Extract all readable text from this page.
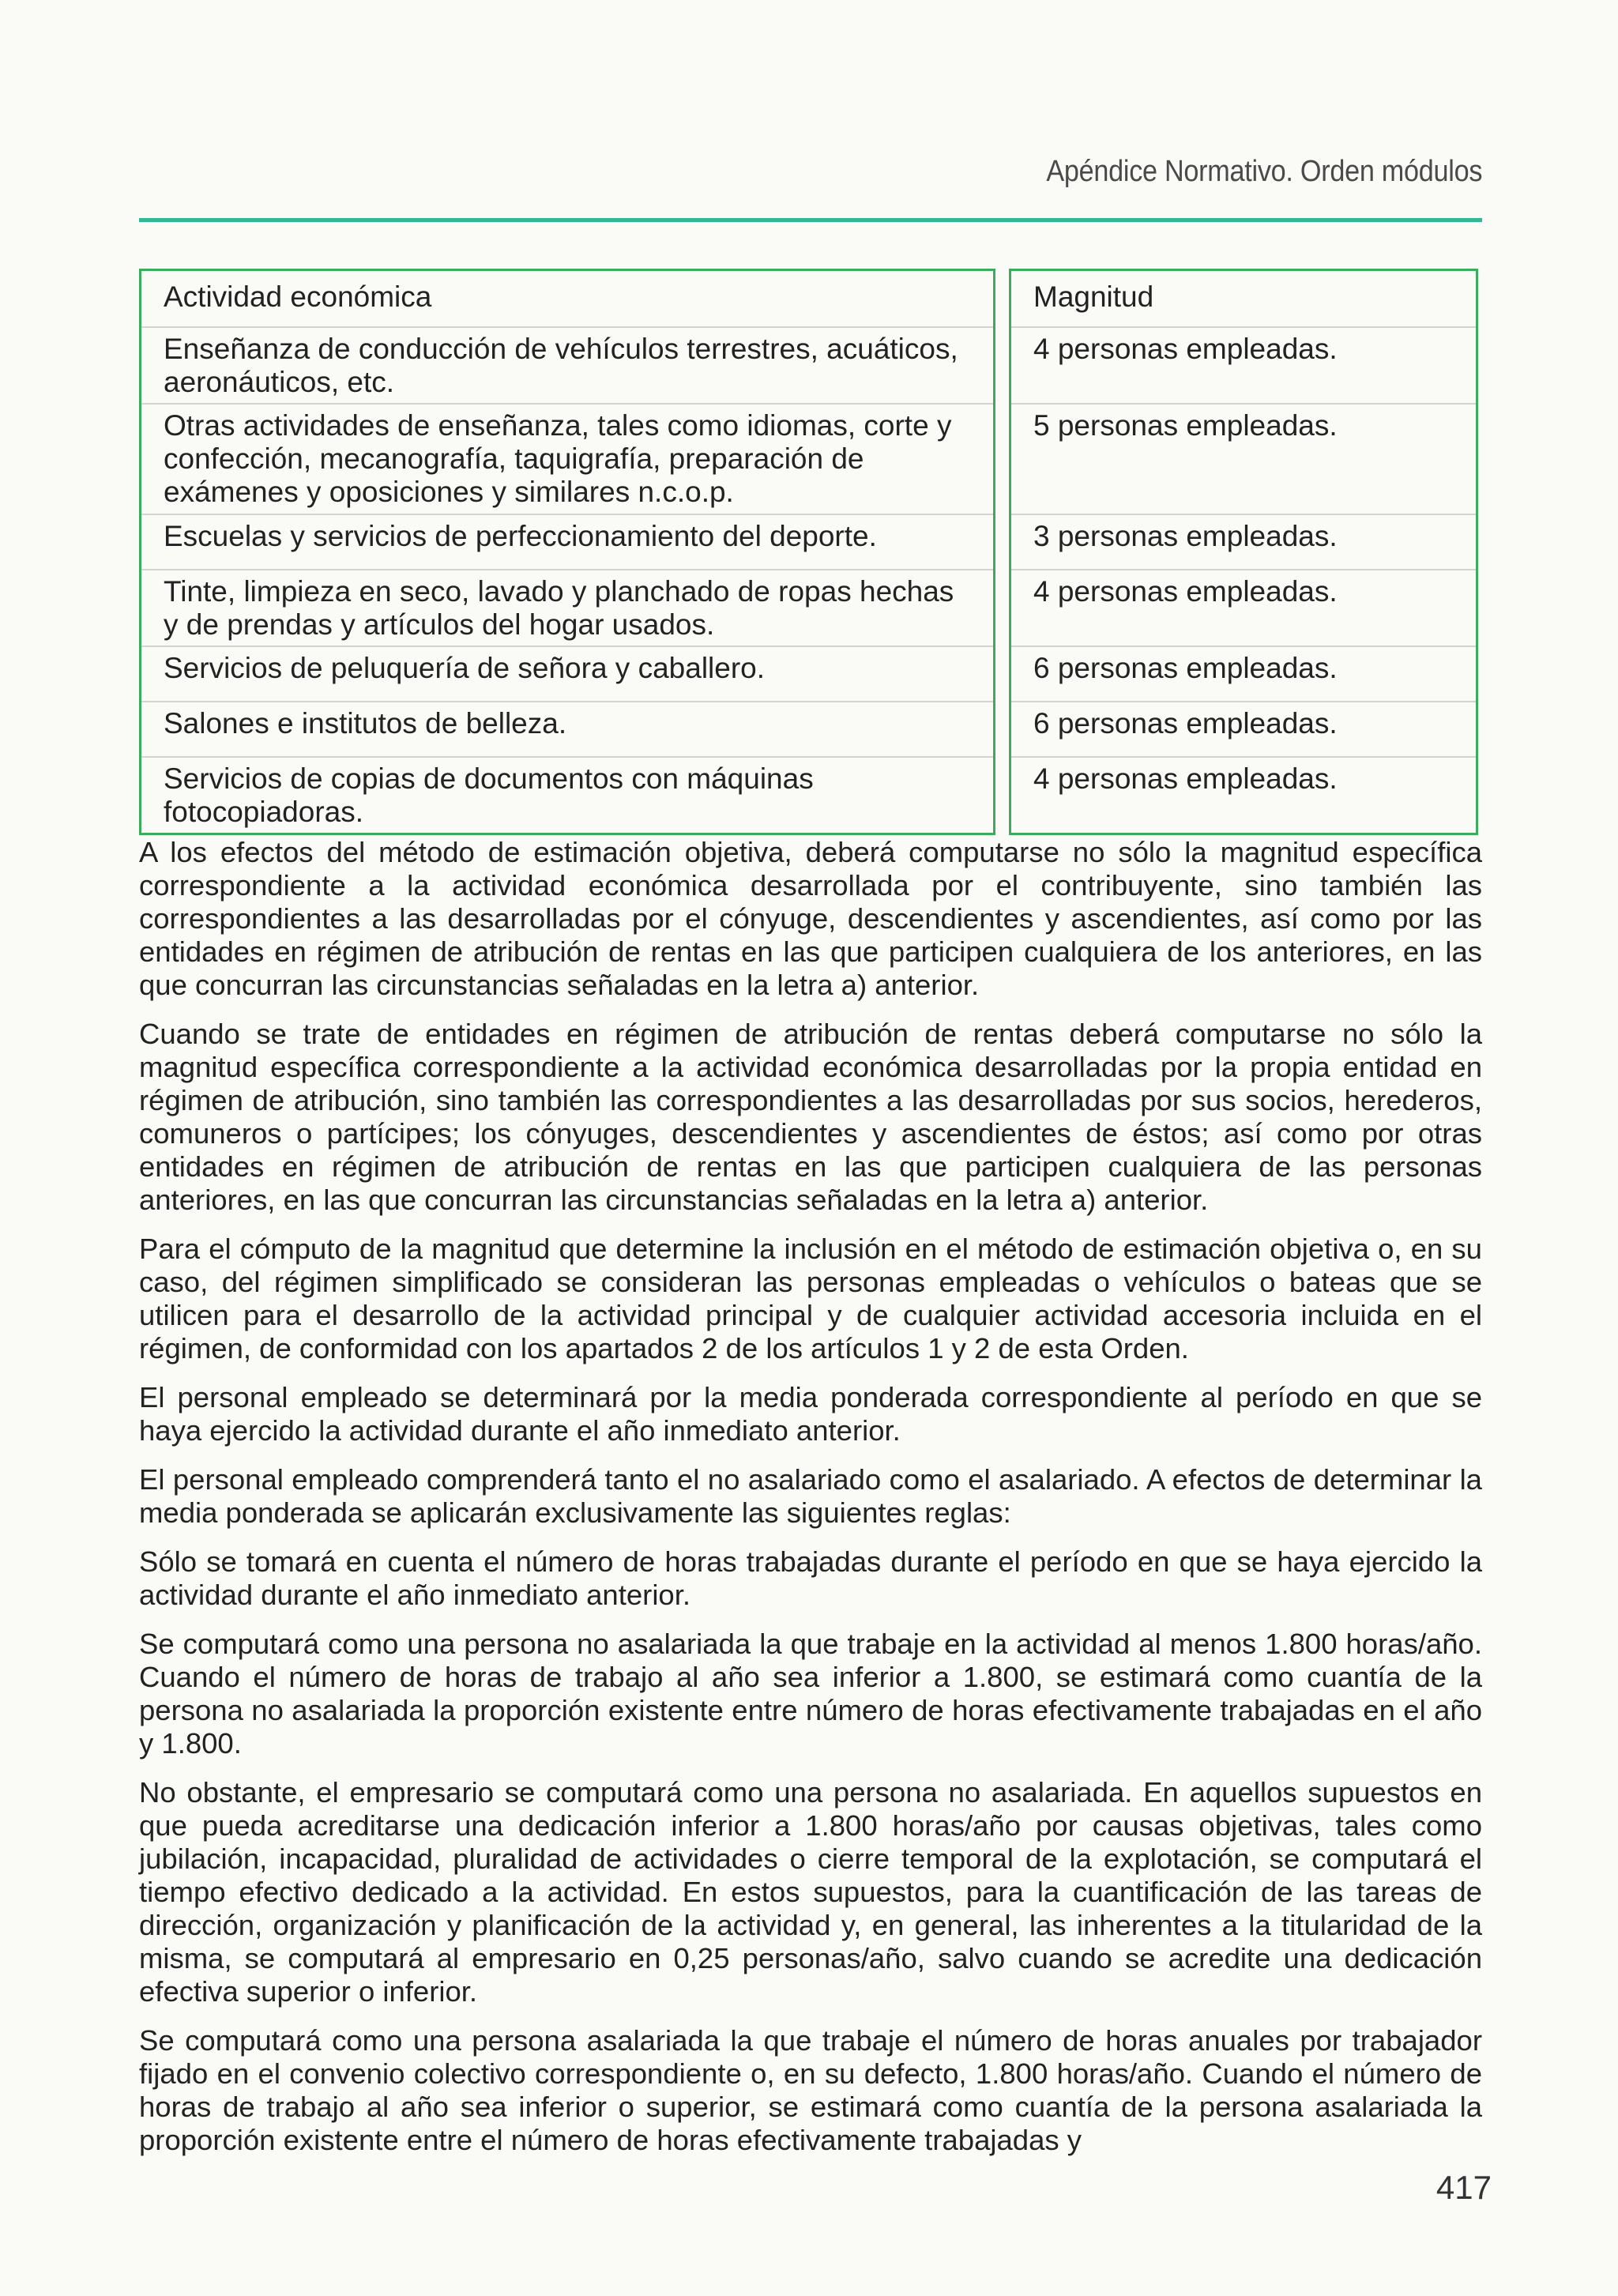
Apéndice Normativo. Orden módulos
Actividad económica
Enseñanza de conducción de vehículos terrestres, acuáticos, aeronáuticos, etc.
Otras actividades de enseñanza, tales como idiomas, corte y confección, mecanografía, taquigrafía, preparación de exámenes y oposiciones y similares n.c.o.p.
Escuelas y servicios de perfeccionamiento del deporte.
Tinte, limpieza en seco, lavado y planchado de ropas hechas y de prendas y artículos del hogar usados.
Servicios de peluquería de señora y caballero.
Salones e institutos de belleza.
Servicios de copias de documentos con máquinas fotocopiadoras.
Magnitud
4 personas empleadas.
5 personas empleadas.
3 personas empleadas.
4 personas empleadas.
6 personas empleadas.
6 personas empleadas.
4 personas empleadas.

A los efectos del método de estimación objetiva, deberá computarse no sólo la magnitud específica correspondiente a la actividad económica desarrollada por el contribuyente, sino también las correspondientes a las desarrolladas por el cónyuge, descendientes y ascendientes, así como por las entidades en régimen de atribución de rentas en las que participen cualquiera de los anteriores, en las que concurran las circunstancias señaladas en la letra a) anterior.

Cuando se trate de entidades en régimen de atribución de rentas deberá computarse no sólo la magnitud específica correspondiente a la actividad económica desarrolladas por la propia entidad en régimen de atribución, sino también las correspondientes a las desarrolladas por sus socios, herederos, comuneros o partícipes; los cónyuges, descendientes y ascendientes de éstos; así como por otras entidades en régimen de atribución de rentas en las que participen cualquiera de las personas anteriores, en las que concurran las circunstancias señaladas en la letra a) anterior.

Para el cómputo de la magnitud que determine la inclusión en el método de estimación objetiva o, en su caso, del régimen simplificado se consideran las personas empleadas o vehículos o bateas que se utilicen para el desarrollo de la actividad principal y de cualquier actividad accesoria incluida en el régimen, de conformidad con los apartados 2 de los artículos 1 y 2 de esta Orden.

El personal empleado se determinará por la media ponderada correspondiente al período en que se haya ejercido la actividad durante el año inmediato anterior.

El personal empleado comprenderá tanto el no asalariado como el asalariado. A efectos de determinar la media ponderada se aplicarán exclusivamente las siguientes reglas:

Sólo se tomará en cuenta el número de horas trabajadas durante el período en que se haya ejercido la actividad durante el año inmediato anterior.

Se computará como una persona no asalariada la que trabaje en la actividad al menos 1.800 horas/año. Cuando el número de horas de trabajo al año sea inferior a 1.800, se estimará como cuantía de la persona no asalariada la proporción existente entre número de horas efectivamente trabajadas en el año y 1.800.

No obstante, el empresario se computará como una persona no asalariada. En aquellos supuestos en que pueda acreditarse una dedicación inferior a 1.800 horas/año por causas objetivas, tales como jubilación, incapacidad, pluralidad de actividades o cierre temporal de la explotación, se computará el tiempo efectivo dedicado a la actividad. En estos supuestos, para la cuantificación de las tareas de dirección, organización y planificación de la actividad y, en general, las inherentes a la titularidad de la misma, se computará al empresario en 0,25 personas/año, salvo cuando se acredite una dedicación efectiva superior o inferior.

Se computará como una persona asalariada la que trabaje el número de horas anuales por trabajador fijado en el convenio colectivo correspondiente o, en su defecto, 1.800 horas/año. Cuando el número de horas de trabajo al año sea inferior o superior, se estimará como cuantía de la persona asalariada la proporción existente entre el número de horas efectivamente trabajadas y

417
